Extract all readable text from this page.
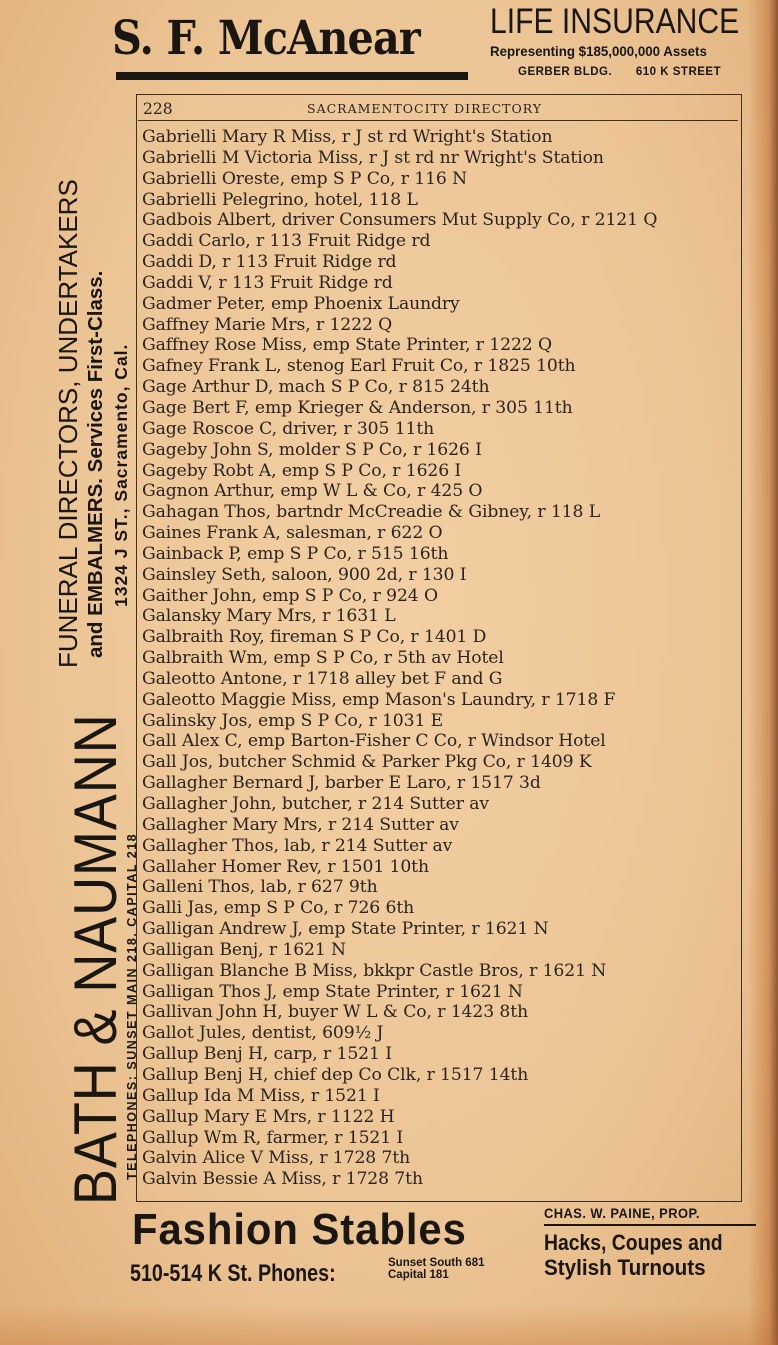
S. F. McAnear	LIFE INSURANCE
Representing $185,000,000 Assets
GERBER BLDG. 610 K STREET
BATH & NAUMANN
TELEPHONES: SUNSET MAIN 218. CAPITAL 218
FUNERAL DIRECTORS, UNDERTAKERS and EMBALMERS. Services First-Class. 1324 J ST., Sacramento, Cal.
228	SACRAMENTOCITY DIRECTORY
Gabrielli Mary R Miss, r J st rd Wright's Station
Gabrielli M Victoria Miss, r J st rd nr Wright's Station
Gabrielli Oreste, emp S P Co, r 116 N
Gabrielli Pelegrino, hotel, 118 L
Gadbois Albert, driver Consumers Mut Supply Co, r 2121 Q
Gaddi Carlo, r 113 Fruit Ridge rd
Gaddi D, r 113 Fruit Ridge rd
Gaddi V, r 113 Fruit Ridge rd
Gadmer Peter, emp Phoenix Laundry
Gaffney Marie Mrs, r 1222 Q
Gaffney Rose Miss, emp State Printer, r 1222 Q
Gafney Frank L, stenog Earl Fruit Co, r 1825 10th
Gage Arthur D, mach S P Co, r 815 24th
Gage Bert F, emp Krieger & Anderson, r 305 11th
Gage Roscoe C, driver, r 305 11th
Gageby John S, molder S P Co, r 1626 I
Gageby Robt A, emp S P Co, r 1626 I
Gagnon Arthur, emp W L & Co, r 425 O
Gahagan Thos, bartndr McCreadie & Gibney, r 118 L
Gaines Frank A, salesman, r 622 O
Gainback P, emp S P Co, r 515 16th
Gainsley Seth, saloon, 900 2d, r 130 I
Gaither John, emp S P Co, r 924 O
Galansky Mary Mrs, r 1631 L
Galbraith Roy, fireman S P Co, r 1401 D
Galbraith Wm, emp S P Co, r 5th av Hotel
Galeotto Antone, r 1718 alley bet F and G
Galeotto Maggie Miss, emp Mason's Laundry, r 1718 F
Galinsky Jos, emp S P Co, r 1031 E
Gall Alex C, emp Barton-Fisher C Co, r Windsor Hotel
Gall Jos, butcher Schmid & Parker Pkg Co, r 1409 K
Gallagher Bernard J, barber E Laro, r 1517 3d
Gallagher John, butcher, r 214 Sutter av
Gallagher Mary Mrs, r 214 Sutter av
Gallagher Thos, lab, r 214 Sutter av
Gallaher Homer Rev, r 1501 10th
Galleni Thos, lab, r 627 9th
Galli Jas, emp S P Co, r 726 6th
Galligan Andrew J, emp State Printer, r 1621 N
Galligan Benj, r 1621 N
Galligan Blanche B Miss, bkkpr Castle Bros, r 1621 N
Galligan Thos J, emp State Printer, r 1621 N
Gallivan John H, buyer W L & Co, r 1423 8th
Gallot Jules, dentist, 609½ J
Gallup Benj H, carp, r 1521 I
Gallup Benj H, chief dep Co Clk, r 1517 14th
Gallup Ida M Miss, r 1521 I
Gallup Mary E Mrs, r 1122 H
Gallup Wm R, farmer, r 1521 I
Galvin Alice V Miss, r 1728 7th
Galvin Bessie A Miss, r 1728 7th
Fashion Stables
510-514 K St. Phones:	Sunset South 681
Capital 181
CHAS. W. PAINE, PROP.
Hacks, Coupes and
Stylish Turnouts
